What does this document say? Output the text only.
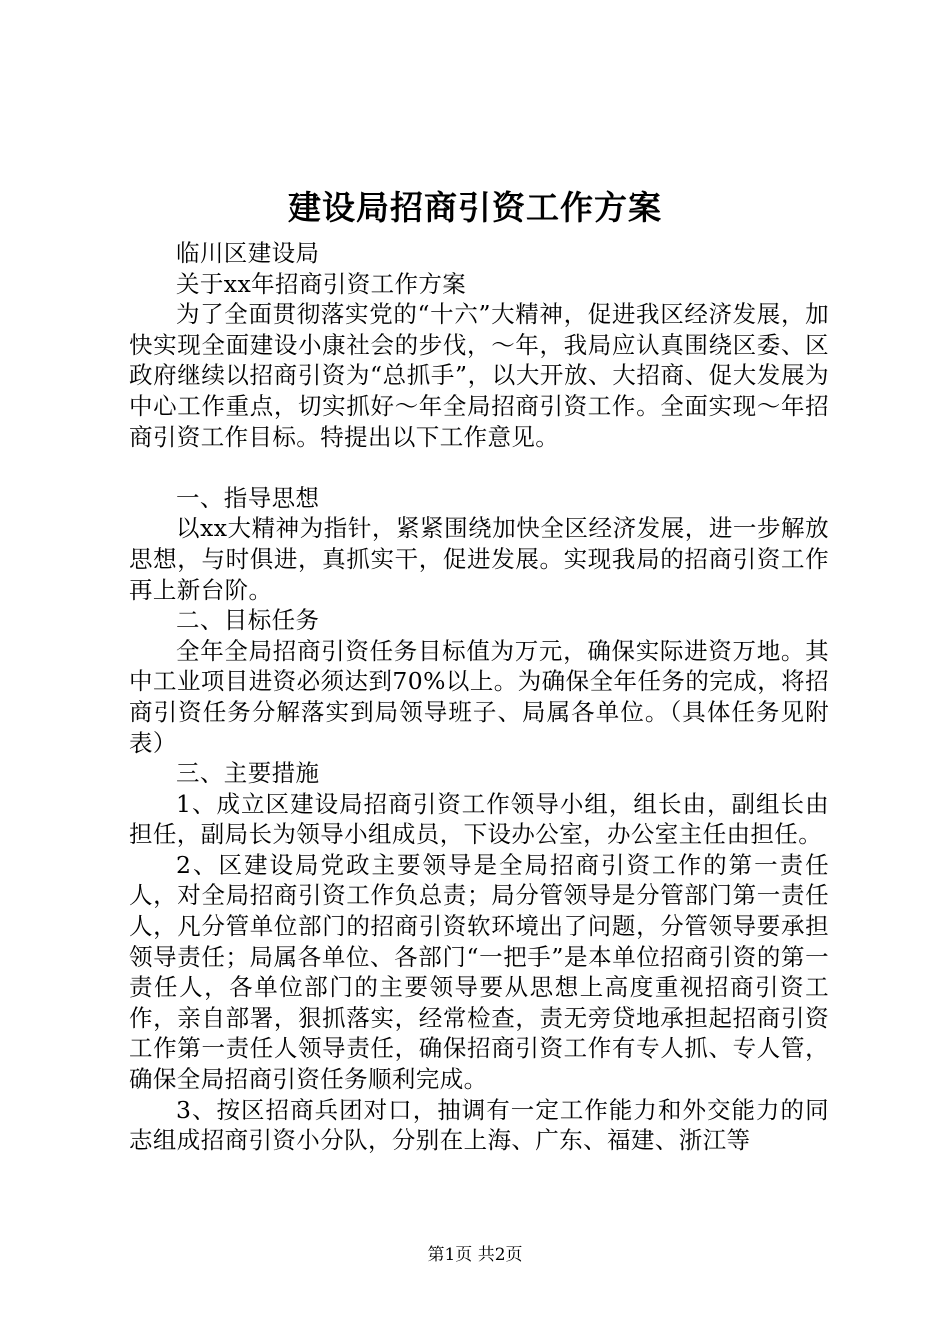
建设局招商引资工作方案

临川区建设局

关于xx年招商引资工作方案

为了全面贯彻落实党的“十六”大精神，促进我区经济发展，加快实现全面建设小康社会的步伐，～年，我局应认真围绕区委、区政府继续以招商引资为“总抓手”，以大开放、大招商、促大发展为中心工作重点，切实抓好～年全局招商引资工作。全面实现～年招商引资工作目标。特提出以下工作意见。

一、指导思想

以xx大精神为指针，紧紧围绕加快全区经济发展，进一步解放思想，与时俱进，真抓实干，促进发展。实现我局的招商引资工作再上新台阶。

二、目标任务

全年全局招商引资任务目标值为万元，确保实际进资万地。其中工业项目进资必须达到70%以上。为确保全年任务的完成，将招商引资任务分解落实到局领导班子、局属各单位。（具体任务见附表）

三、主要措施

1、成立区建设局招商引资工作领导小组，组长由，副组长由担任，副局长为领导小组成员，下设办公室，办公室主任由担任。

2、区建设局党政主要领导是全局招商引资工作的第一责任人，对全局招商引资工作负总责；局分管领导是分管部门第一责任人，凡分管单位部门的招商引资软环境出了问题，分管领导要承担领导责任；局属各单位、各部门“一把手”是本单位招商引资的第一责任人，各单位部门的主要领导要从思想上高度重视招商引资工作，亲自部署，狠抓落实，经常检查，责无旁贷地承担起招商引资工作第一责任人领导责任，确保招商引资工作有专人抓、专人管，确保全局招商引资任务顺利完成。

3、按区招商兵团对口，抽调有一定工作能力和外交能力的同志组成招商引资小分队，分别在上海、广东、福建、浙江等

第1页 共2页
